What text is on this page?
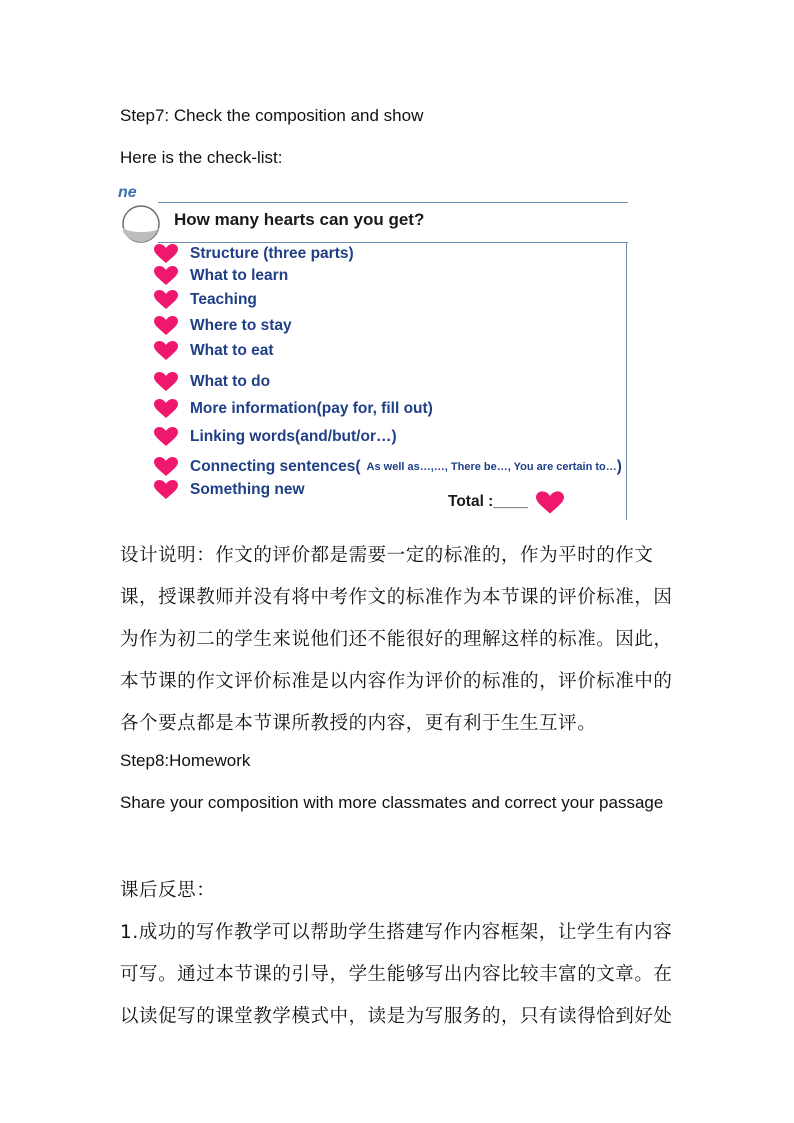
Step7: Check the composition and show

Here is the check-list:

ne
How many hearts can you get?
Structure (three parts)
What to learn
Teaching
Where to stay
What to eat
What to do
More information(pay for, fill out)
Linking words(and/but/or…)
Connecting sentences( As well as…,…, There be…, You are certain to… )
Something new
Total :____

设计说明：作文的评价都是需要一定的标准的，作为平时的作文

课，授课教师并没有将中考作文的标准作为本节课的评价标准，因

为作为初二的学生来说他们还不能很好的理解这样的标准。因此，

本节课的作文评价标准是以内容作为评价的标准的，评价标准中的

各个要点都是本节课所教授的内容，更有利于生生互评。

Step8:Homework

Share your composition with more classmates and correct your passage

课后反思：

1.成功的写作教学可以帮助学生搭建写作内容框架，让学生有内容

可写。通过本节课的引导，学生能够写出内容比较丰富的文章。在

以读促写的课堂教学模式中，读是为写服务的，只有读得恰到好处
